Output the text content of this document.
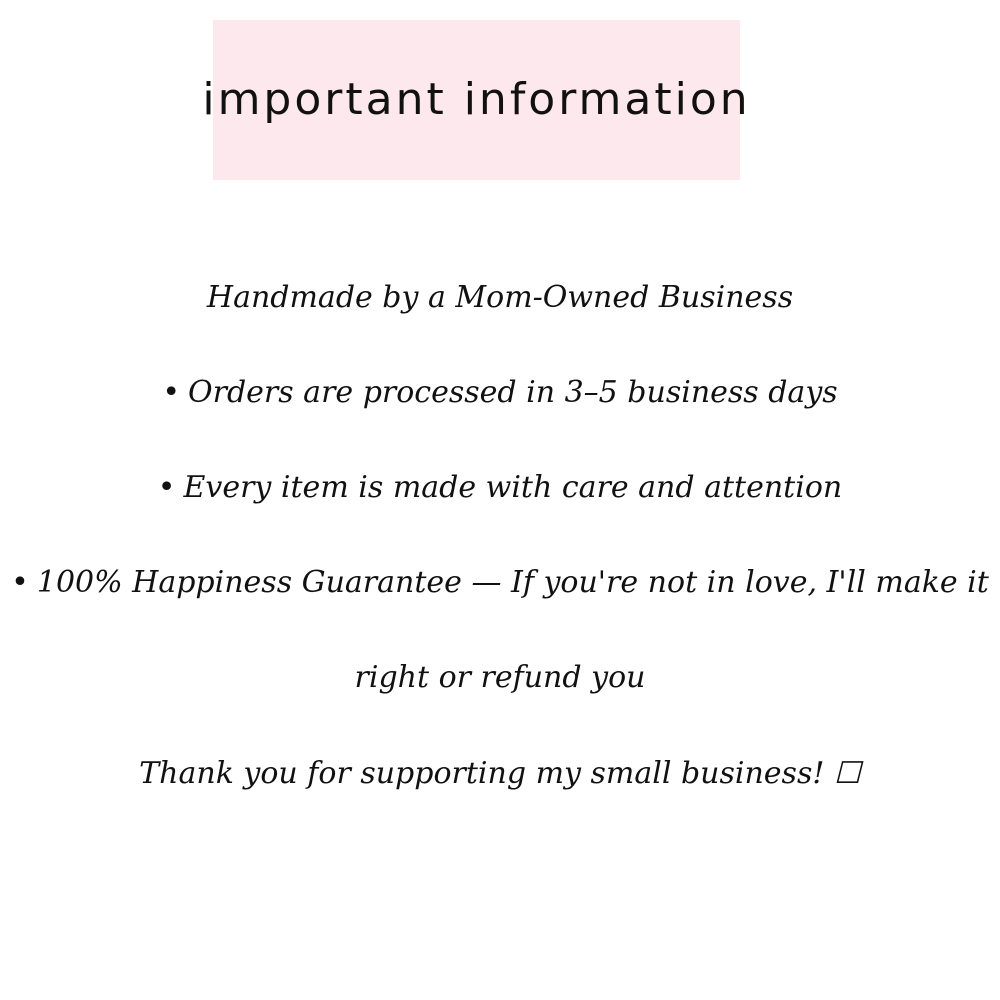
important information
Handmade by a Mom-Owned Business
• Orders are processed in 3–5 business days
• Every item is made with care and attention
• 100% Happiness Guarantee — If you're not in love, I'll make it
right or refund you
Thank you for supporting my small business! ☐
